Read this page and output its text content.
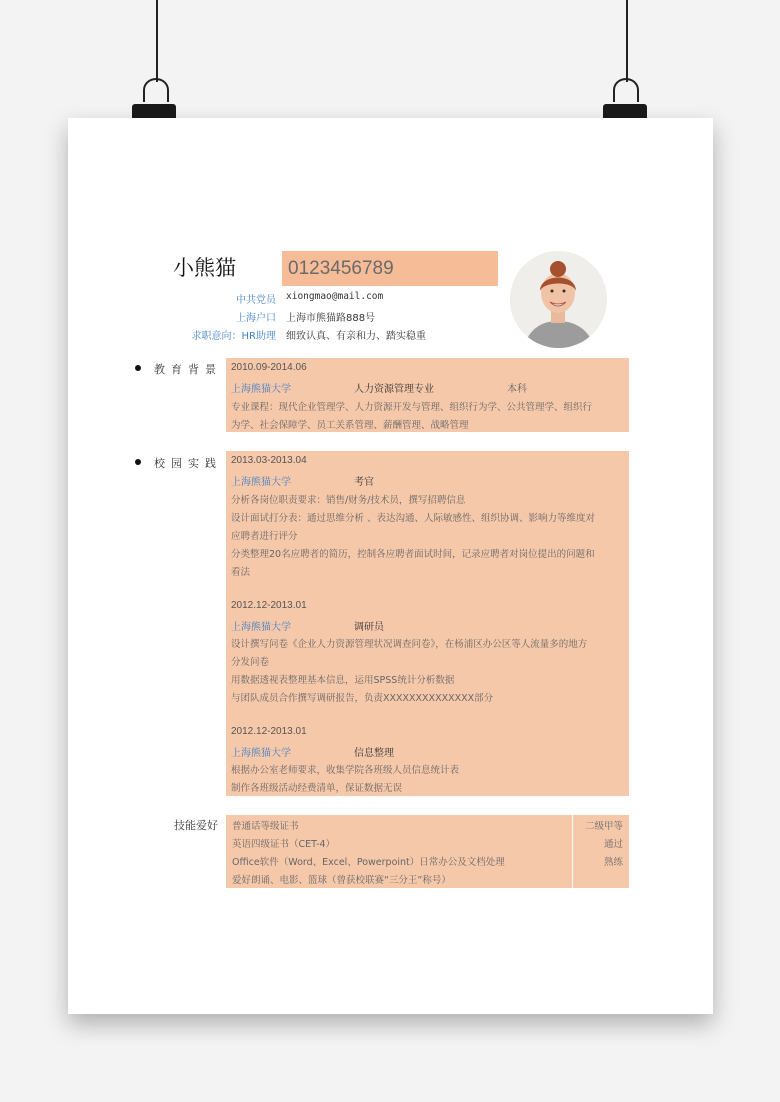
小熊猫	0123456789
中共党员 xiongmao@mail.com
上海户口 上海市熊猫路888号
求职意向：HR助理 细致认真、有亲和力、踏实稳重
教育背景 2010.09-2014.06
上海熊猫大学	人力资源管理专业	本科
专业课程：现代企业管理学、人力资源开发与管理、组织行为学、公共管理学、组织行
为学、社会保障学、员工关系管理、薪酬管理、战略管理
校园实践 2013.03-2013.04
上海熊猫大学	考官
分析各岗位职责要求：销售/财务/技术员，撰写招聘信息
设计面试打分表：通过思维分析 、表达沟通、人际敏感性、组织协调、影响力等维度对
应聘者进行评分
分类整理20名应聘者的简历，控制各应聘者面试时间，记录应聘者对岗位提出的问题和
看法
2012.12-2013.01
上海熊猫大学	调研员
设计撰写问卷《企业人力资源管理状况调查问卷》，在杨浦区办公区等人流量多的地方
分发问卷
用数据透视表整理基本信息，运用SPSS统计分析数据
与团队成员合作撰写调研报告，负责XXXXXXXXXXXXXX部分
2012.12-2013.01
上海熊猫大学	信息整理
根据办公室老师要求，收集学院各班级人员信息统计表
制作各班级活动经费清单，保证数据无误
技能爱好 普通话等级证书	二级甲等
英语四级证书（CET-4）	通过
Office软件（Word、Excel、Powerpoint）日常办公及文档处理	熟练
爱好朗诵、电影、篮球（曾获校联赛“三分王”称号）
